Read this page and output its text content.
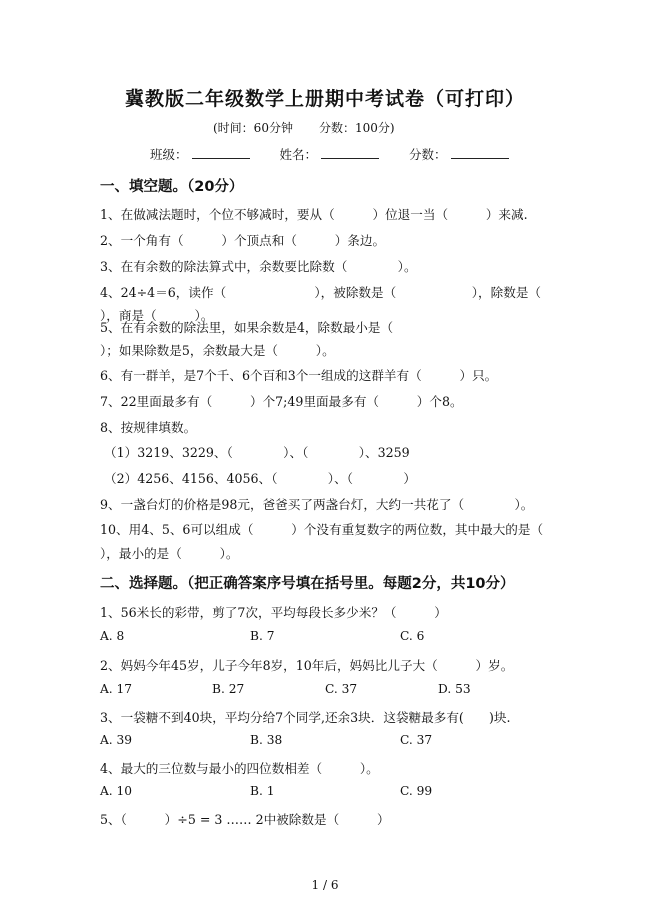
冀教版二年级数学上册期中考试卷（可打印）
(时间：60分钟 分数：100分)
班级：	姓名：	分数：
一、填空题。（20分）
1、在做减法题时，个位不够减时，要从（　　　）位退一当（　　　）来减.
2、一个角有（　　　）个顶点和（　　　）条边。
3、在有余数的除法算式中，余数要比除数（　　　　）。
4、24÷4＝6，读作（　　　　　　　），被除数是（　　　　　　），除数是（
），商是（　　　）。
5、在有余数的除法里，如果余数是4，除数最小是（
）；如果除数是5，余数最大是（　　　）。
6、有一群羊，是7个千、6个百和3个一组成的这群羊有（　　　）只。
7、22里面最多有（　　　）个7;49里面最多有（　　　）个8。
8、按规律填数。
（1）3219、3229、（　　　　）、（　　　　）、3259
（2）4256、4156、4056、（　　　　）、（　　　　）
9、一盏台灯的价格是98元，爸爸买了两盏台灯，大约一共花了（　　　　）。
10、用4、5、6可以组成（　　　）个没有重复数字的两位数，其中最大的是（
），最小的是（　　　）。
二、选择题。（把正确答案序号填在括号里。每题2分，共10分）
1、56米长的彩带，剪了7次，平均每段长多少米？（　　　）
A. 8	B. 7	C. 6
2、妈妈今年45岁，儿子今年8岁，10年后，妈妈比儿子大（　　　）岁。
A. 17	B. 27	C. 37	D. 53
3、一袋糖不到40块，平均分给7个同学,还余3块．这袋糖最多有(　　)块.
A. 39	B. 38	C. 37
4、最大的三位数与最小的四位数相差（　　　）。
A. 10	B. 1	C. 99
5、（　　　）÷5 = 3 …… 2中被除数是（　　　）
1 / 6
